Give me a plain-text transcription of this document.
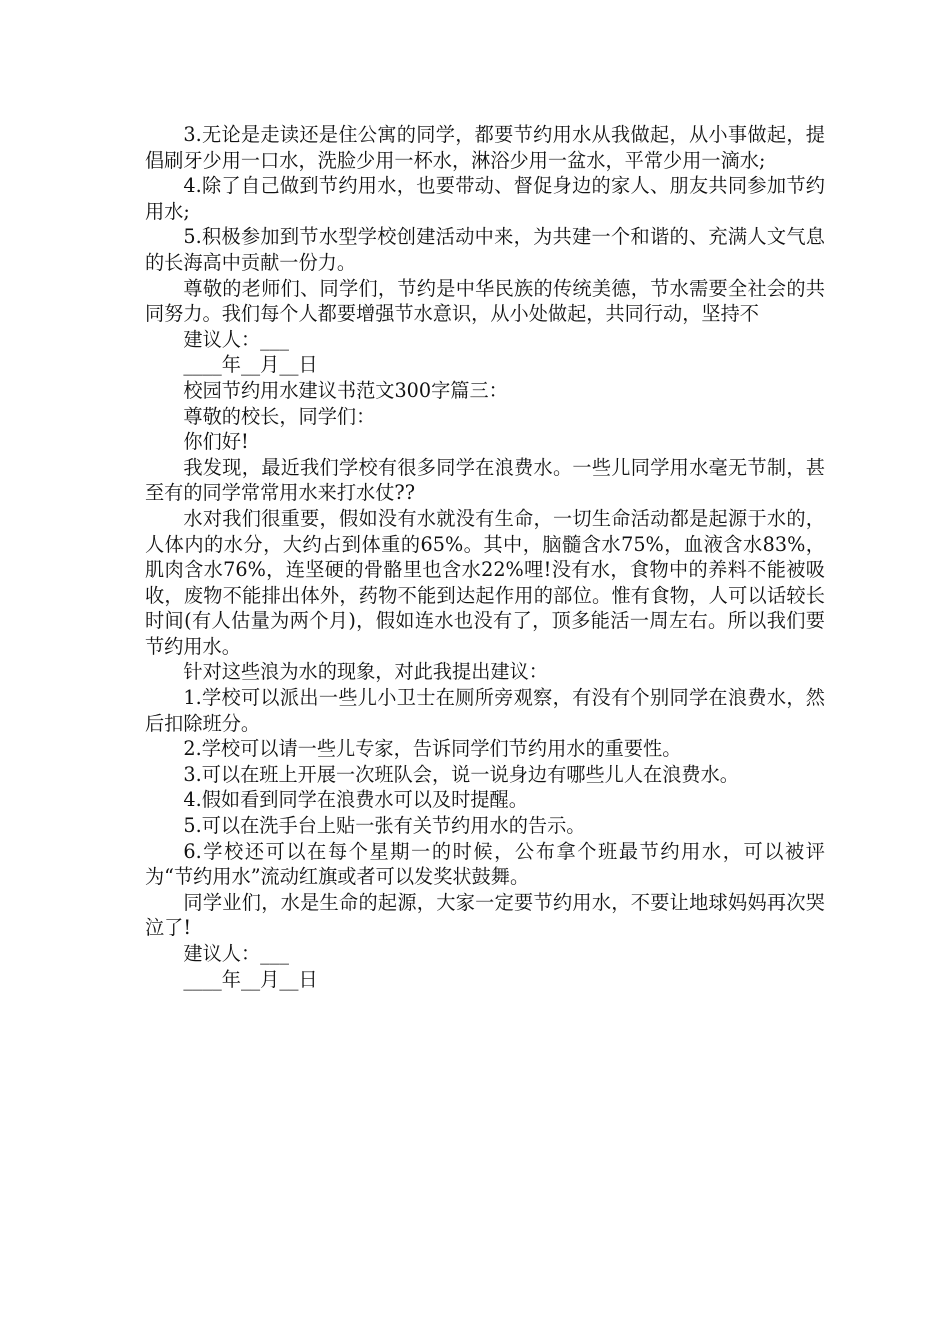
3.无论是走读还是住公寓的同学，都要节约用水从我做起，从小事做起，提倡刷牙少用一口水，洗脸少用一杯水，淋浴少用一盆水，平常少用一滴水;

4.除了自己做到节约用水，也要带动、督促身边的家人、朋友共同参加节约用水;

5.积极参加到节水型学校创建活动中来，为共建一个和谐的、充满人文气息的长海高中贡献一份力。

尊敬的老师们、同学们，节约是中华民族的传统美德，节水需要全社会的共同努力。我们每个人都要增强节水意识，从小处做起，共同行动，坚持不

建议人：___

____年__月__日

校园节约用水建议书范文300字篇三：

尊敬的校长，同学们：

你们好!

我发现，最近我们学校有很多同学在浪费水。一些儿同学用水毫无节制，甚至有的同学常常用水来打水仗??

水对我们很重要，假如没有水就没有生命，一切生命活动都是起源于水的，人体内的水分，大约占到体重的65%。其中，脑髓含水75%，血液含水83%，肌肉含水76%，连坚硬的骨骼里也含水22%哩!没有水，食物中的养料不能被吸收，废物不能排出体外，药物不能到达起作用的部位。惟有食物，人可以话较长时间(有人估量为两个月)，假如连水也没有了，顶多能活一周左右。所以我们要节约用水。

针对这些浪为水的现象，对此我提出建议：

1.学校可以派出一些儿小卫士在厕所旁观察，有没有个别同学在浪费水，然后扣除班分。

2.学校可以请一些儿专家，告诉同学们节约用水的重要性。

3.可以在班上开展一次班队会，说一说身边有哪些儿人在浪费水。

4.假如看到同学在浪费水可以及时提醒。

5.可以在洗手台上贴一张有关节约用水的告示。

6.学校还可以在每个星期一的时候，公布拿个班最节约用水，可以被评为“节约用水”流动红旗或者可以发奖状鼓舞。

同学业们，水是生命的起源，大家一定要节约用水，不要让地球妈妈再次哭泣了!

建议人：___

____年__月__日
